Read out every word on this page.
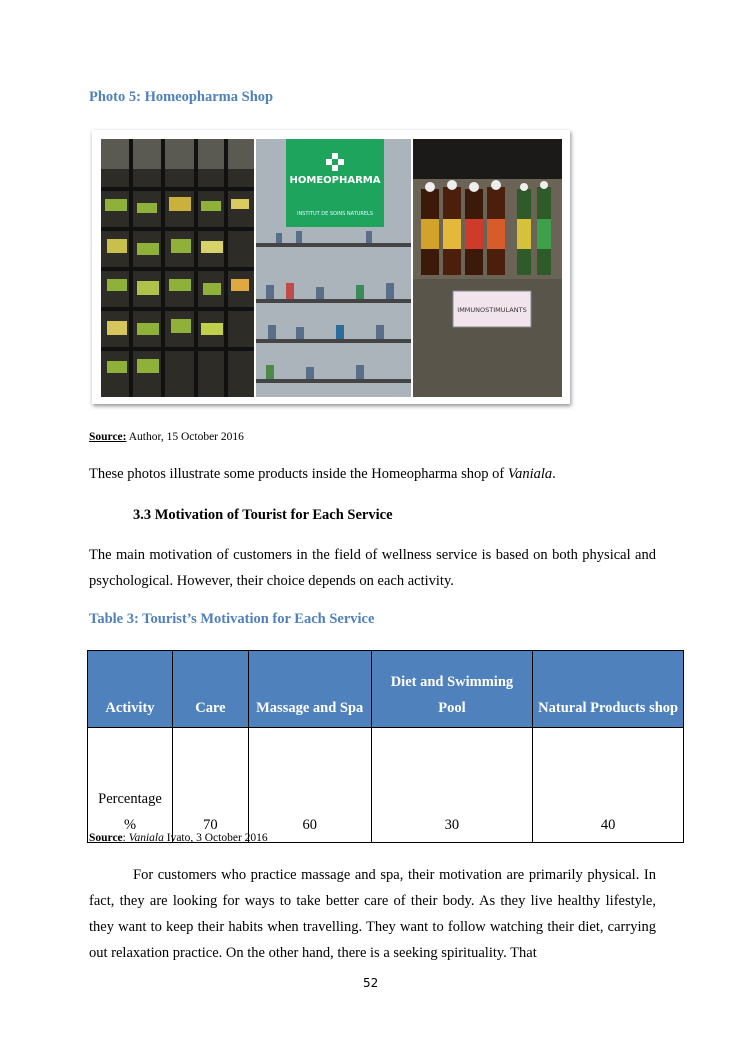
Photo 5: Homeopharma Shop
HOMEOPHARMA
INSTITUT DE SOINS NATURELS
IMMUNOSTIMULANTS
Source: Author, 15 October 2016
These photos illustrate some products inside the Homeopharma shop of Vaniala.
3.3 Motivation of Tourist for Each Service
The main motivation of customers in the field of wellness service is based on both physical and psychological. However, their choice depends on each activity.
Table 3: Tourist’s Motivation for Each Service
Activity	Care	Massage and Spa	Diet and Swimming Pool	Natural Products shop
Percentage %	70	60	30	40
Source: Vaniala Ivato, 3 October 2016
For customers who practice massage and spa, their motivation are primarily physical. In fact, they are looking for ways to take better care of their body. As they live healthy lifestyle, they want to keep their habits when travelling. They want to follow watching their diet, carrying out relaxation practice. On the other hand, there is a seeking spirituality. That
52
